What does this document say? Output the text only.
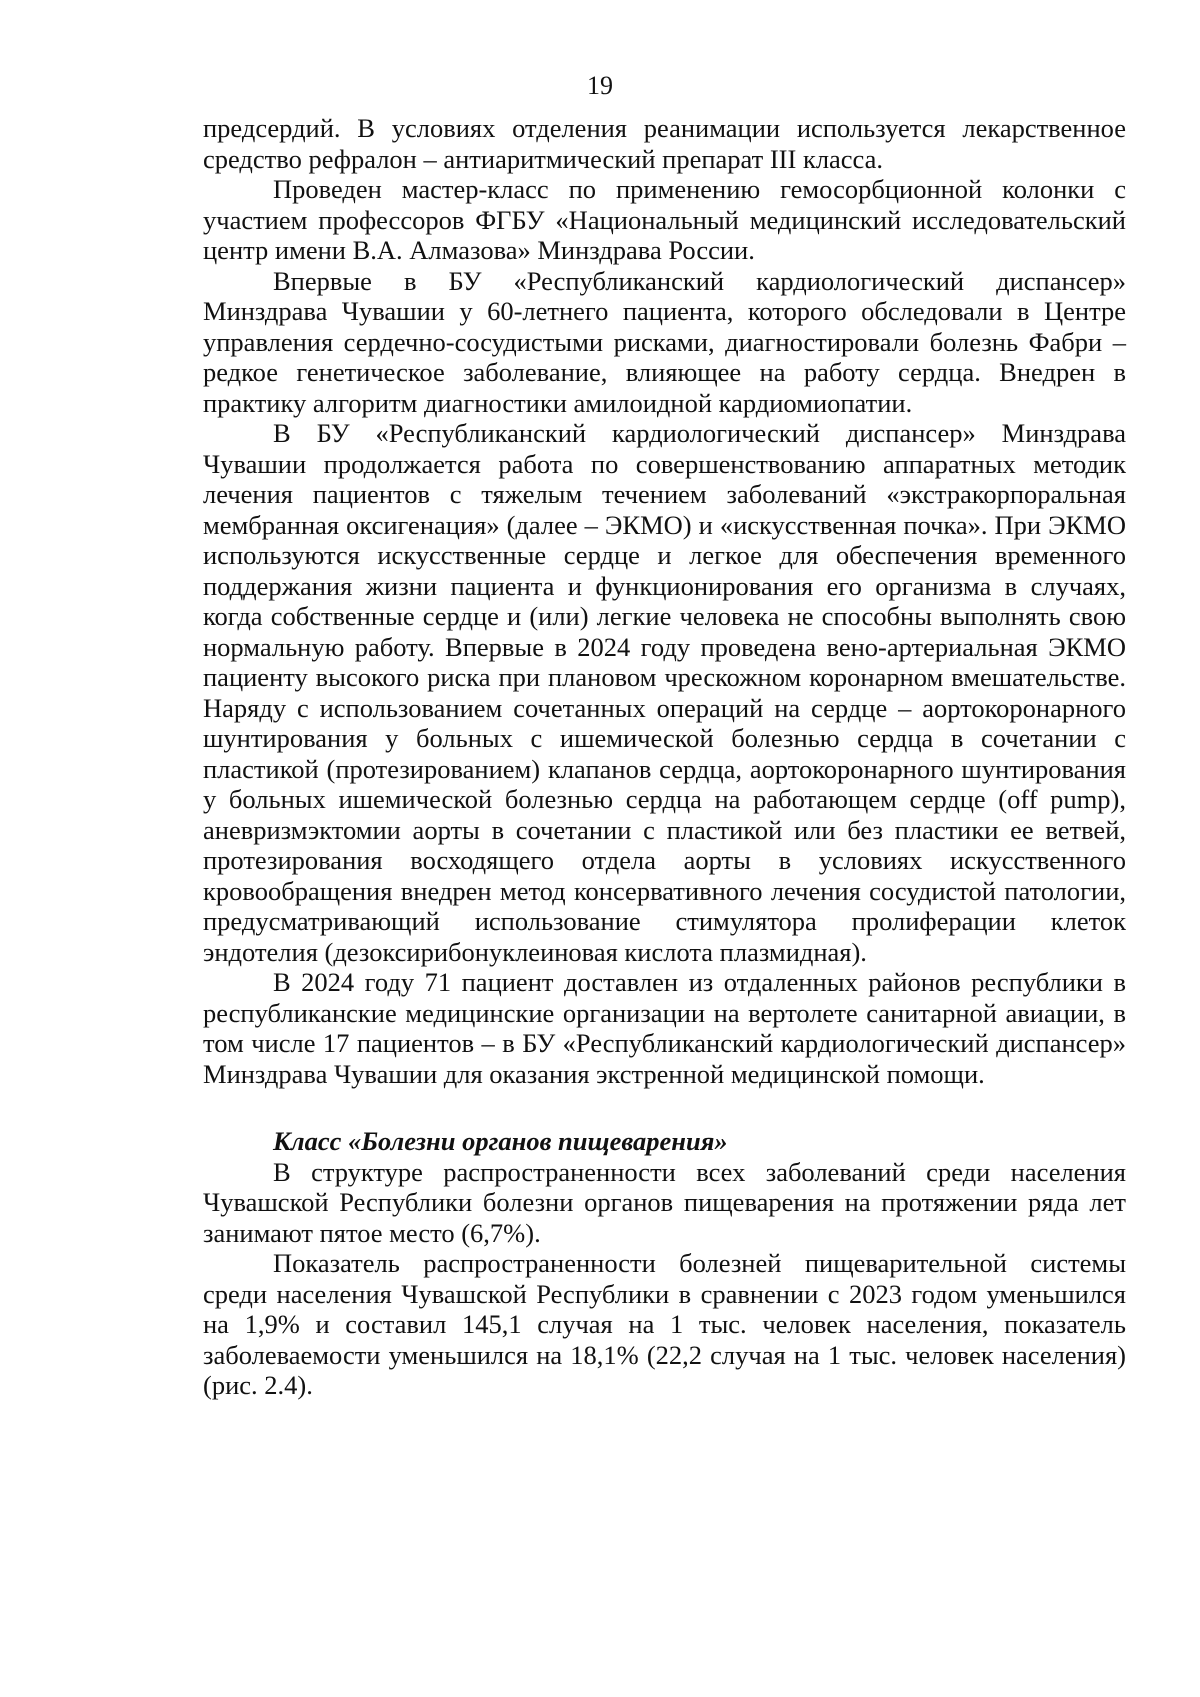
19

предсердий. В условиях отделения реанимации используется лекарственное средство рефралон – антиаритмический препарат III класса.

Проведен мастер-класс по применению гемосорбционной колонки с участием профессоров ФГБУ «Национальный медицинский исследовательский центр имени В.А. Алмазова» Минздрава России.

Впервые в БУ «Республиканский кардиологический диспансер» Минздрава Чувашии у 60-летнего пациента, которого обследовали в Центре управления сердечно-сосудистыми рисками, диагностировали болезнь Фабри – редкое генетическое заболевание, влияющее на работу сердца. Внедрен в практику алгоритм диагностики амилоидной кардиомиопатии.

В БУ «Республиканский кардиологический диспансер» Минздрава Чувашии продолжается работа по совершенствованию аппаратных методик лечения пациентов с тяжелым течением заболеваний «экстракорпоральная мембранная оксигенация» (далее – ЭКМО) и «искусственная почка». При ЭКМО используются искусственные сердце и легкое для обеспечения временного поддержания жизни пациента и функционирования его организма в случаях, когда собственные сердце и (или) легкие человека не способны выполнять свою нормальную работу. Впервые в 2024 году проведена вено-артериальная ЭКМО пациенту высокого риска при плановом чрескожном коронарном вмешательстве. Наряду с использованием сочетанных операций на сердце – аортокоронарного шунтирования у больных с ишемической болезнью сердца в сочетании с пластикой (протезированием) клапанов сердца, аортокоронарного шунтирования у больных ишемической болезнью сердца на работающем сердце (off pump), аневризмэктомии аорты в сочетании с пластикой или без пластики ее ветвей, протезирования восходящего отдела аорты в условиях искусственного кровообращения внедрен метод консервативного лечения сосудистой патологии, предусматривающий использование стимулятора пролиферации клеток эндотелия (дезоксирибонуклеиновая кислота плазмидная).

В 2024 году 71 пациент доставлен из отдаленных районов республики в республиканские медицинские организации на вертолете санитарной авиации, в том числе 17 пациентов – в БУ «Республиканский кардиологический диспансер» Минздрава Чувашии для оказания экстренной медицинской помощи.

Класс «Болезни органов пищеварения»

В структуре распространенности всех заболеваний среди населения Чувашской Республики болезни органов пищеварения на протяжении ряда лет занимают пятое место (6,7%).

Показатель распространенности болезней пищеварительной системы среди населения Чувашской Республики в сравнении с 2023 годом уменьшился на 1,9% и составил 145,1 случая на 1 тыс. человек населения, показатель заболеваемости уменьшился на 18,1% (22,2 случая на 1 тыс. человек населения) (рис. 2.4).
